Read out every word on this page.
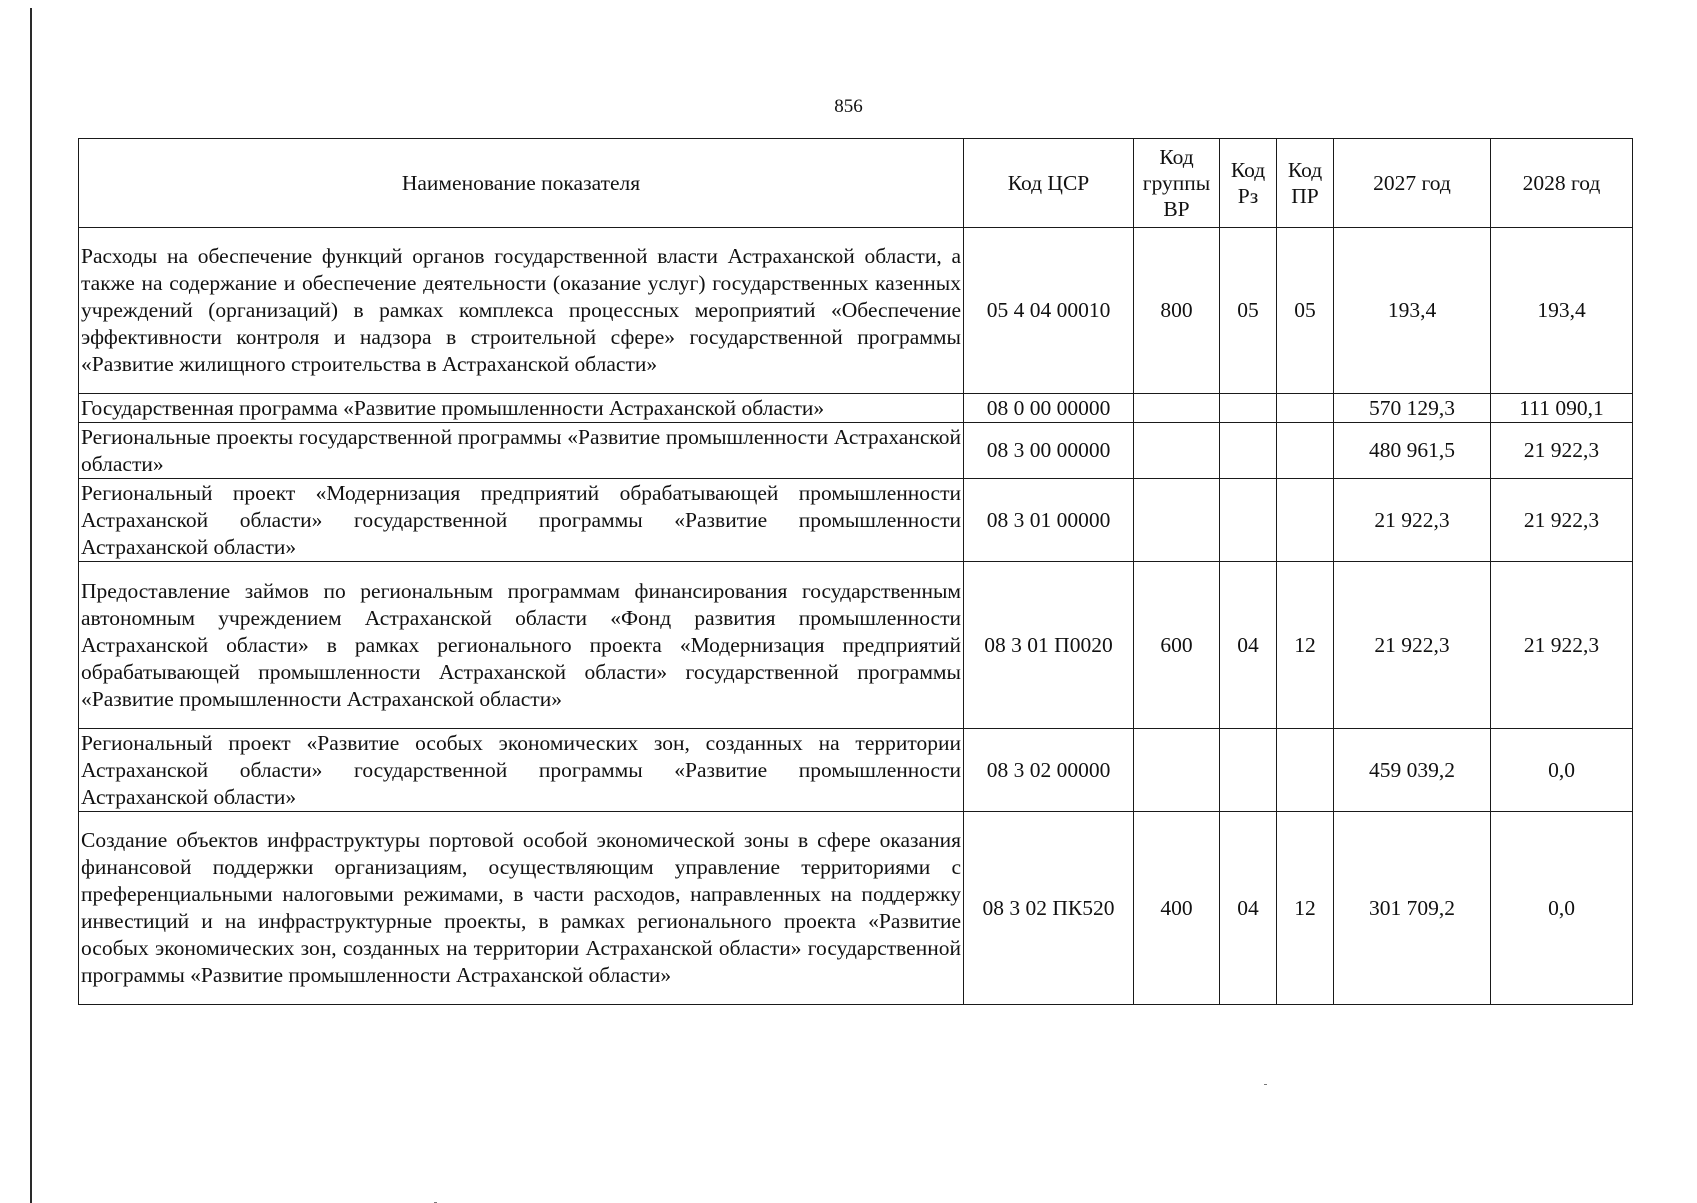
856
Наименование показателя	Код ЦСР	Код группы ВР	Код Рз	Код ПР	2027 год	2028 год
Расходы на обеспечение функций органов государственной власти Астраханской области, а также на содержание и обеспечение деятельности (оказание услуг) государственных казенных учреждений (организаций) в рамках комплекса процессных мероприятий «Обеспечение эффективности контроля и надзора в строительной сфере» государственной программы «Развитие жилищного строительства в Астраханской области»	05 4 04 00010	800	05	05	193,4	193,4
Государственная программа «Развитие промышленности Астраханской области»	08 0 00 00000				570 129,3	111 090,1
Региональные проекты государственной программы «Развитие промышленности Астраханской области»	08 3 00 00000				480 961,5	21 922,3
Региональный проект «Модернизация предприятий обрабатывающей промышленности Астраханской области» государственной программы «Развитие промышленности Астраханской области»	08 3 01 00000				21 922,3	21 922,3
Предоставление займов по региональным программам финансирования государственным автономным учреждением Астраханской области «Фонд развития промышленности Астраханской области» в рамках регионального проекта «Модернизация предприятий обрабатывающей промышленности Астраханской области» государственной программы «Развитие промышленности Астраханской области»	08 3 01 П0020	600	04	12	21 922,3	21 922,3
Региональный проект «Развитие особых экономических зон, созданных на территории Астраханской области» государственной программы «Развитие промышленности Астраханской области»	08 3 02 00000				459 039,2	0,0
Создание объектов инфраструктуры портовой особой экономической зоны в сфере оказания финансовой поддержки организациям, осуществляющим управление территориями с преференциальными налоговыми режимами, в части расходов, направленных на поддержку инвестиций и на инфраструктурные проекты, в рамках регионального проекта «Развитие особых экономических зон, созданных на территории Астраханской области» государственной программы «Развитие промышленности Астраханской области»	08 3 02 ПК520	400	04	12	301 709,2	0,0
